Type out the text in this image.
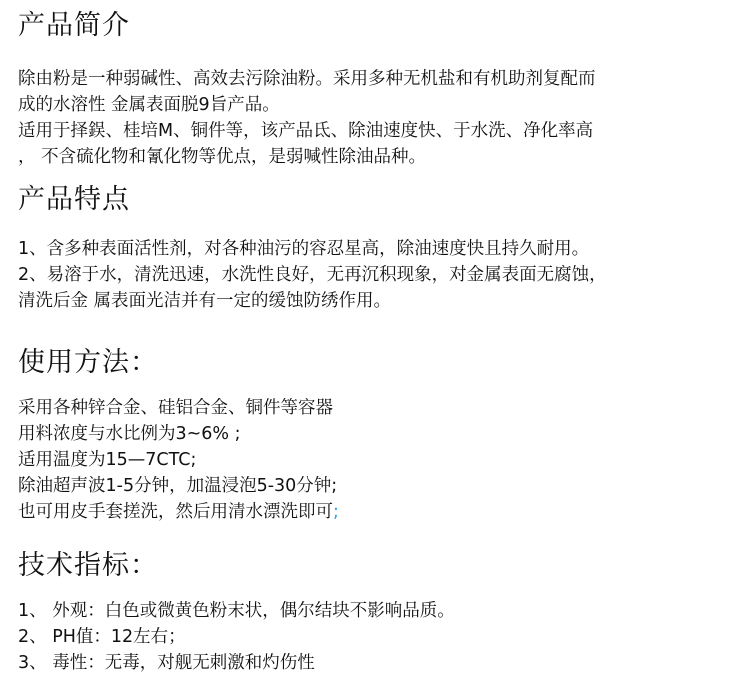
产品简介

除由粉是一种弱碱性、高效去污除油粉。采用多种无机盐和有机助剂复配而

成的水溶性 金属表面脱9旨产品。

适用于择鋘、桂培M、铜件等，该产品氐、除油速度快、于水洗、净化率高

， 不含硫化物和氰化物等优点，是弱喊性除油品种。

产品特点

1、含多种表面活性剂，对各种油污的容忍星高，除油速度快且持久耐用。

2、易溶于水，清洗迅速，水洗性良好，无再沉积现象，对金属表面无腐蚀，

清洗后金 属表面光洁并有一定的缓蚀防绣作用。

使用方法：

采用各种锌合金、硅铝合金、铜件等容器

用料浓度与水比例为3~6% ;

适用温度为15—7CTC;

除油超声波1-5分钟，加温浸泡5-30分钟;

也可用皮手套搓洗，然后用清水漂洗即可;

技术指标：

1、 外观：白色或微黄色粉末状，偶尔结块不影响品质。

2、 PH值：12左右；

3、 毒性：无毒，对舰无刺激和灼伤性
